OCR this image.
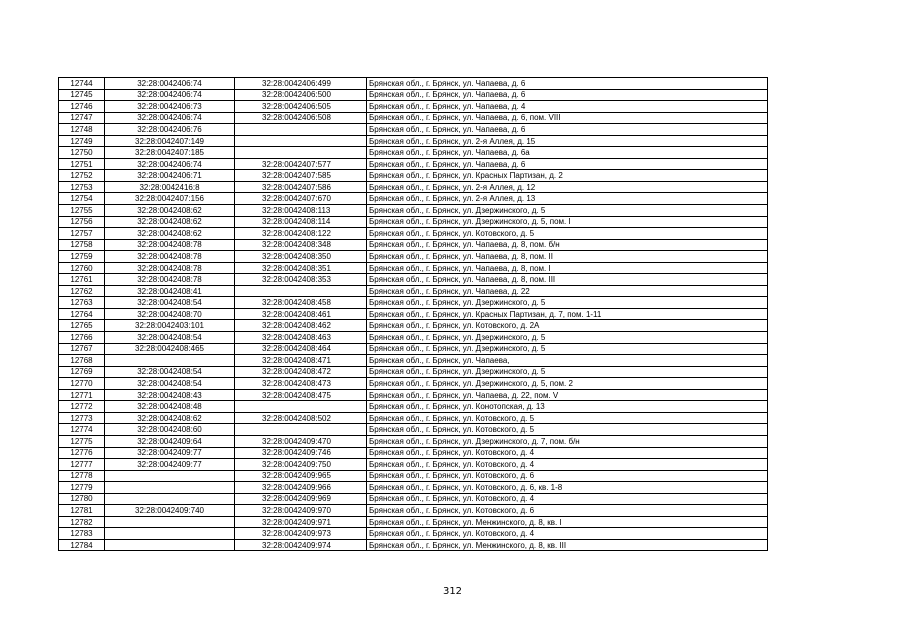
12744	32:28:0042406:74	32:28:0042406:499	Брянская обл., г. Брянск, ул. Чапаева, д. 6
12745	32:28:0042406:74	32:28:0042406:500	Брянская обл., г. Брянск, ул. Чапаева, д. 6
12746	32:28:0042406:73	32:28:0042406:505	Брянская обл., г. Брянск, ул. Чапаева, д. 4
12747	32:28:0042406:74	32:28:0042406:508	Брянская обл., г. Брянск, ул. Чапаева, д. 6, пом. VIII
12748	32:28:0042406:76		Брянская обл., г. Брянск, ул. Чапаева, д. 6
12749	32:28:0042407:149		Брянская обл., г. Брянск, ул. 2-я Аллея, д. 15
12750	32:28:0042407:185		Брянская обл., г. Брянск, ул. Чапаева, д. 6а
12751	32:28:0042406:74	32:28:0042407:577	Брянская обл., г. Брянск, ул. Чапаева, д. 6
12752	32:28:0042406:71	32:28:0042407:585	Брянская обл., г. Брянск, ул. Красных Партизан, д. 2
12753	32:28:0042416:8	32:28:0042407:586	Брянская обл., г. Брянск, ул. 2-я Аллея, д. 12
12754	32:28:0042407:156	32:28:0042407:670	Брянская обл., г. Брянск, ул. 2-я Аллея, д. 13
12755	32:28:0042408:62	32:28:0042408:113	Брянская обл., г. Брянск, ул. Дзержинского, д. 5
12756	32:28:0042408:62	32:28:0042408:114	Брянская обл., г. Брянск, ул. Дзержинского, д. 5, пом. I
12757	32:28:0042408:62	32:28:0042408:122	Брянская обл., г. Брянск, ул. Котовского, д. 5
12758	32:28:0042408:78	32:28:0042408:348	Брянская обл., г. Брянск, ул. Чапаева, д. 8, пом. б/н
12759	32:28:0042408:78	32:28:0042408:350	Брянская обл., г. Брянск, ул. Чапаева, д. 8, пом. II
12760	32:28:0042408:78	32:28:0042408:351	Брянская обл., г. Брянск, ул. Чапаева, д. 8, пом. I
12761	32:28:0042408:78	32:28:0042408:353	Брянская обл., г. Брянск, ул. Чапаева, д. 8, пом. III
12762	32:28:0042408:41		Брянская обл., г. Брянск, ул. Чапаева, д. 22
12763	32:28:0042408:54	32:28:0042408:458	Брянская обл., г. Брянск, ул. Дзержинского, д. 5
12764	32:28:0042408:70	32:28:0042408:461	Брянская обл., г. Брянск, ул. Красных Партизан, д. 7, пом. 1-11
12765	32:28:0042403:101	32:28:0042408:462	Брянская обл., г. Брянск, ул. Котовского, д. 2А
12766	32:28:0042408:54	32:28:0042408:463	Брянская обл., г. Брянск, ул. Дзержинского, д. 5
12767	32:28:0042408:465	32:28:0042408:464	Брянская обл., г. Брянск, ул. Дзержинского, д. 5
12768		32:28:0042408:471	Брянская обл., г. Брянск, ул. Чапаева,
12769	32:28:0042408:54	32:28:0042408:472	Брянская обл., г. Брянск, ул. Дзержинского, д. 5
12770	32:28:0042408:54	32:28:0042408:473	Брянская обл., г. Брянск, ул. Дзержинского, д. 5, пом. 2
12771	32:28:0042408:43	32:28:0042408:475	Брянская обл., г. Брянск, ул. Чапаева, д. 22, пом. V
12772	32:28:0042408:48		Брянская обл., г. Брянск, ул. Конотопская, д. 13
12773	32:28:0042408:62	32:28:0042408:502	Брянская обл., г. Брянск, ул. Котовского, д. 5
12774	32:28:0042408:60		Брянская обл., г. Брянск, ул. Котовского, д. 5
12775	32:28:0042409:64	32:28:0042409:470	Брянская обл., г. Брянск, ул. Дзержинского, д. 7, пом. б/н
12776	32:28:0042409:77	32:28:0042409:746	Брянская обл., г. Брянск, ул. Котовского, д. 4
12777	32:28:0042409:77	32:28:0042409:750	Брянская обл., г. Брянск, ул. Котовского, д. 4
12778		32:28:0042409:965	Брянская обл., г. Брянск, ул. Котовского, д. 6
12779		32:28:0042409:966	Брянская обл., г. Брянск, ул. Котовского, д. 6, кв. 1-8
12780		32:28:0042409:969	Брянская обл., г. Брянск, ул. Котовского, д. 4
12781	32:28:0042409:740	32:28:0042409:970	Брянская обл., г. Брянск, ул. Котовского, д. 6
12782		32:28:0042409:971	Брянская обл., г. Брянск, ул. Менжинского, д. 8, кв. I
12783		32:28:0042409:973	Брянская обл., г. Брянск, ул. Котовского, д. 4
12784		32:28:0042409:974	Брянская обл., г. Брянск, ул. Менжинского, д. 8, кв. III
312
